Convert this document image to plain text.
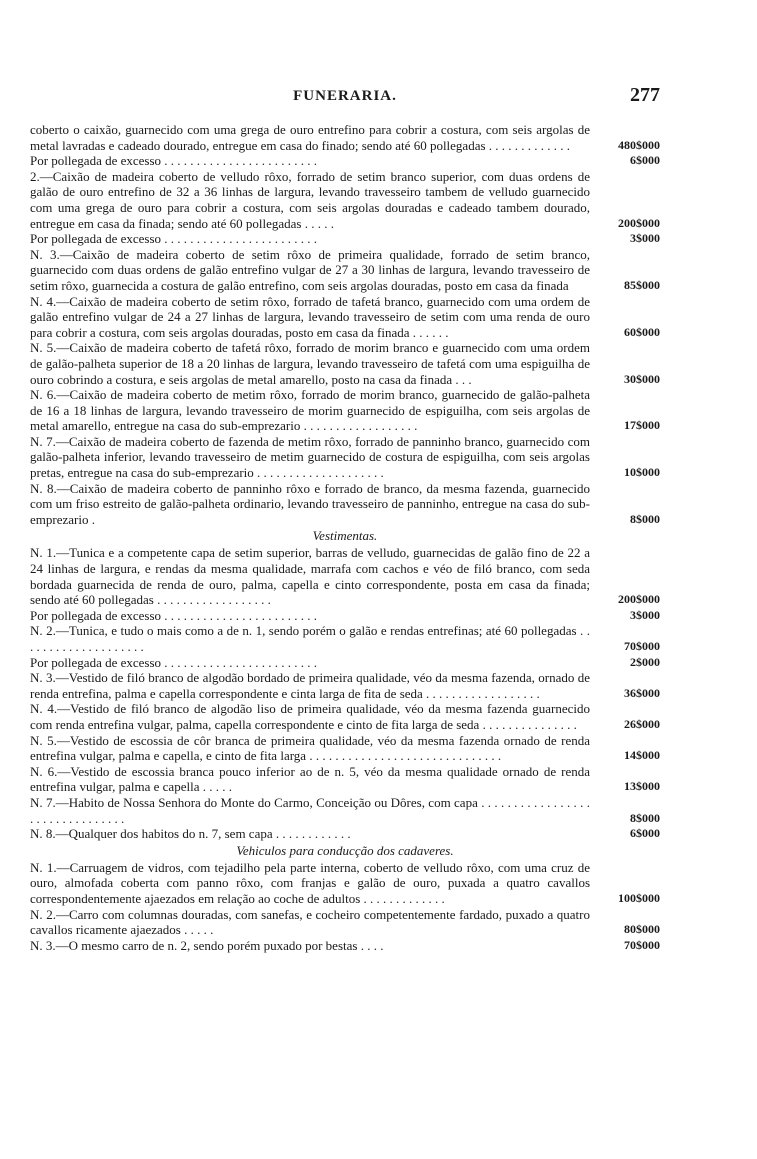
FUNERARIA.	277
coberto o caixão, guarnecido com uma grega de ouro entrefino para cobrir a costura, com seis argolas de metal lavradas e cadeado dourado, entregue em casa do finado; sendo até 60 pollegadas . . . . . . . . . . . . .	480$000
Por pollegada de excesso . . . . . . . . . . . . . . . . . . . . . . . .	6$000
2.—Caixão de madeira coberto de velludo rôxo, forrado de setim branco superior, com duas ordens de galão de ouro entrefino de 32 a 36 linhas de largura, levando travesseiro tambem de velludo guarnecido com uma grega de ouro para cobrir a costura, com seis argolas douradas e cadeado tambem dourado, entregue em casa da finada; sendo até 60 pollegadas . . . . .	200$000
Por pollegada de excesso . . . . . . . . . . . . . . . . . . . . . . . .	3$000
N. 3.—Caixão de madeira coberto de setim rôxo de primeira qualidade, forrado de setim branco, guarnecido com duas ordens de galão entrefino vulgar de 27 a 30 linhas de largura, levando travesseiro de setim rôxo, guarnecida a costura de galão entrefino, com seis argolas douradas, posto em casa da finada	85$000
N. 4.—Caixão de madeira coberto de setim rôxo, forrado de tafetá branco, guarnecido com uma ordem de galão entrefino vulgar de 24 a 27 linhas de largura, levando travesseiro de setim com uma renda de ouro para cobrir a costura, com seis argolas douradas, posto em casa da finada . . . . . .	60$000
N. 5.—Caixão de madeira coberto de tafetá rôxo, forrado de morim branco e guarnecido com uma ordem de galão-palheta superior de 18 a 20 linhas de largura, levando travesseiro de tafetá com uma espiguilha de ouro cobrindo a costura, e seis argolas de metal amarello, posto na casa da finada . . .	30$000
N. 6.—Caixão de madeira coberto de metim rôxo, forrado de morim branco, guarnecido de galão-palheta de 16 a 18 linhas de largura, levando travesseiro de morim guarnecido de espiguilha, com seis argolas de metal amarello, entregue na casa do sub-emprezario . . . . . . . . . . . . . . . . . .	17$000
N. 7.—Caixão de madeira coberto de fazenda de metim rôxo, forrado de panninho branco, guarnecido com galão-palheta inferior, levando travesseiro de metim guarnecido de costura de espiguilha, com seis argolas pretas, entregue na casa do sub-emprezario . . . . . . . . . . . . . . . . . . . .	10$000
N. 8.—Caixão de madeira coberto de panninho rôxo e forrado de branco, da mesma fazenda, guarnecido com um friso estreito de galão-palheta ordinario, levando travesseiro de panninho, entregue na casa do sub-emprezario .	8$000
Vestimentas.
N. 1.—Tunica e a competente capa de setim superior, barras de velludo, guarnecidas de galão fino de 22 a 24 linhas de largura, e rendas da mesma qualidade, marrafa com cachos e véo de filó branco, com seda bordada guarnecida de renda de ouro, palma, capella e cinto correspondente, posta em casa da finada; sendo até 60 pollegadas . . . . . . . . . . . . . . . . . .	200$000
Por pollegada de excesso . . . . . . . . . . . . . . . . . . . . . . . .	3$000
N. 2.—Tunica, e tudo o mais como a de n. 1, sendo porém o galão e rendas entrefinas; até 60 pollegadas . . . . . . . . . . . . . . . . . . . .	70$000
Por pollegada de excesso . . . . . . . . . . . . . . . . . . . . . . . .	2$000
N. 3.—Vestido de filó branco de algodão bordado de primeira qualidade, véo da mesma fazenda, ornado de renda entrefina, palma e capella correspondente e cinta larga de fita de seda . . . . . . . . . . . . . . . . . .	36$000
N. 4.—Vestido de filó branco de algodão liso de primeira qualidade, véo da mesma fazenda guarnecido com renda entrefina vulgar, palma, capella correspondente e cinto de fita larga de seda . . . . . . . . . . . . . . .	26$000
N. 5.—Vestido de escossia de côr branca de primeira qualidade, véo da mesma fazenda ornado de renda entrefina vulgar, palma e capella, e cinto de fita larga . . . . . . . . . . . . . . . . . . . . . . . . . . . . . .	14$000
N. 6.—Vestido de escossia branca pouco inferior ao de n. 5, véo da mesma qualidade ornado de renda entrefina vulgar, palma e capella . . . . .	13$000
N. 7.—Habito de Nossa Senhora do Monte do Carmo, Conceição ou Dôres, com capa . . . . . . . . . . . . . . . . . . . . . . . . . . . . . . . .	8$000
N. 8.—Qualquer dos habitos do n. 7, sem capa . . . . . . . . . . . .	6$000
Vehiculos para conducção dos cadaveres.
N. 1.—Carruagem de vidros, com tejadilho pela parte interna, coberto de velludo rôxo, com uma cruz de ouro, almofada coberta com panno rôxo, com franjas e galão de ouro, puxada a quatro cavallos correspondentemente ajaezados em relação ao coche de adultos . . . . . . . . . . . . .	100$000
N. 2.—Carro com columnas douradas, com sanefas, e cocheiro competentemente fardado, puxado a quatro cavallos ricamente ajaezados . . . . .	80$000
N. 3.—O mesmo carro de n. 2, sendo porém puxado por bestas . . . .	70$000
